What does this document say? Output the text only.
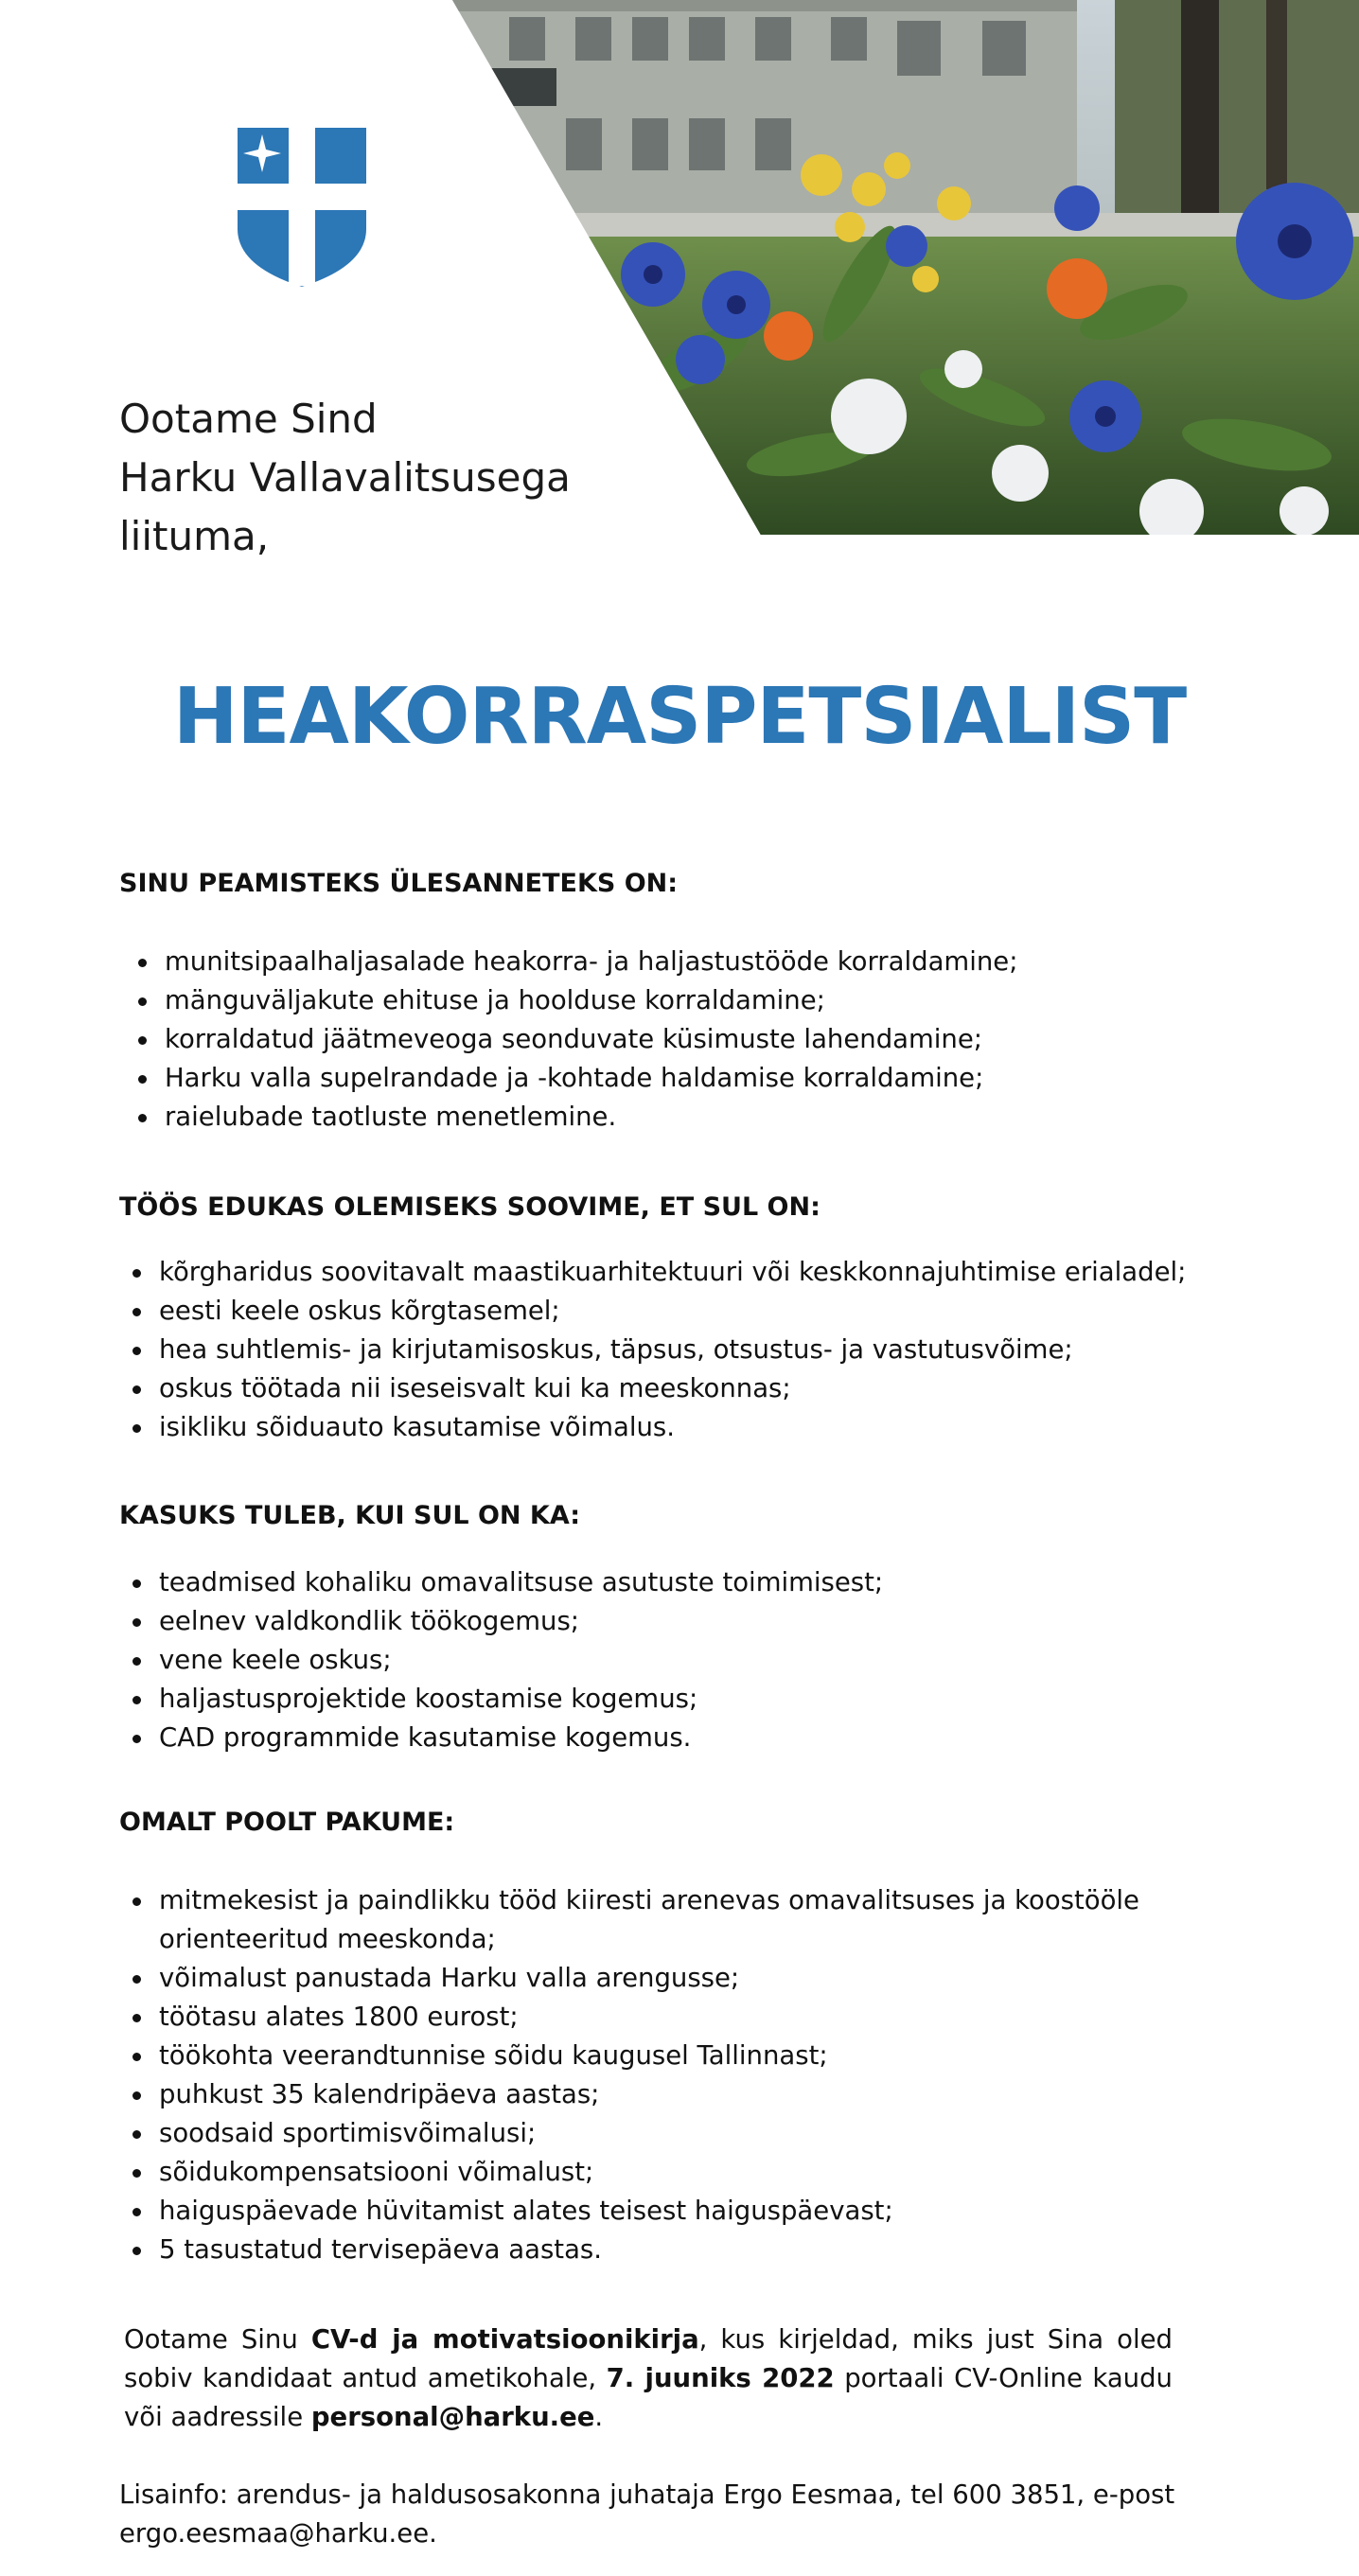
Ootame Sind
Harku Vallavalitsusega
liituma,
HEAKORRASPETSIALIST
SINU PEAMISTEKS ÜLESANNETEKS ON:
munitsipaalhaljasalade heakorra- ja haljastustööde korraldamine;
mänguväljakute ehituse ja hoolduse korraldamine;
korraldatud jäätmeveoga seonduvate küsimuste lahendamine;
Harku valla supelrandade ja -kohtade haldamise korraldamine;
raielubade taotluste menetlemine.
TÖÖS EDUKAS OLEMISEKS SOOVIME, ET SUL ON:
kõrgharidus soovitavalt maastikuarhitektuuri või keskkonnajuhtimise erialadel;
eesti keele oskus kõrgtasemel;
hea suhtlemis- ja kirjutamisoskus, täpsus, otsustus- ja vastutusvõime;
oskus töötada nii iseseisvalt kui ka meeskonnas;
isikliku sõiduauto kasutamise võimalus.
KASUKS TULEB, KUI SUL ON KA:
teadmised kohaliku omavalitsuse asutuste toimimisest;
eelnev valdkondlik töökogemus;
vene keele oskus;
haljastusprojektide koostamise kogemus;
CAD programmide kasutamise kogemus.
OMALT POOLT PAKUME:
mitmekesist ja paindlikku tööd kiiresti arenevas omavalitsuses ja koostööle orienteeritud meeskonda;
võimalust panustada Harku valla arengusse;
töötasu alates 1800 eurost;
töökohta veerandtunnise sõidu kaugusel Tallinnast;
puhkust 35 kalendripäeva aastas;
soodsaid sportimisvõimalusi;
sõidukompensatsiooni võimalust;
haiguspäevade hüvitamist alates teisest haiguspäevast;
5 tasustatud tervisepäeva aastas.
Ootame Sinu CV-d ja motivatsioonikirja, kus kirjeldad, miks just Sina oled sobiv kandidaat antud ametikohale, 7. juuniks 2022 portaali CV-Online kaudu või aadressile personal@harku.ee.
Lisainfo: arendus- ja haldusosakonna juhataja Ergo Eesmaa, tel 600 3851, e-post ergo.eesmaa@harku.ee.
